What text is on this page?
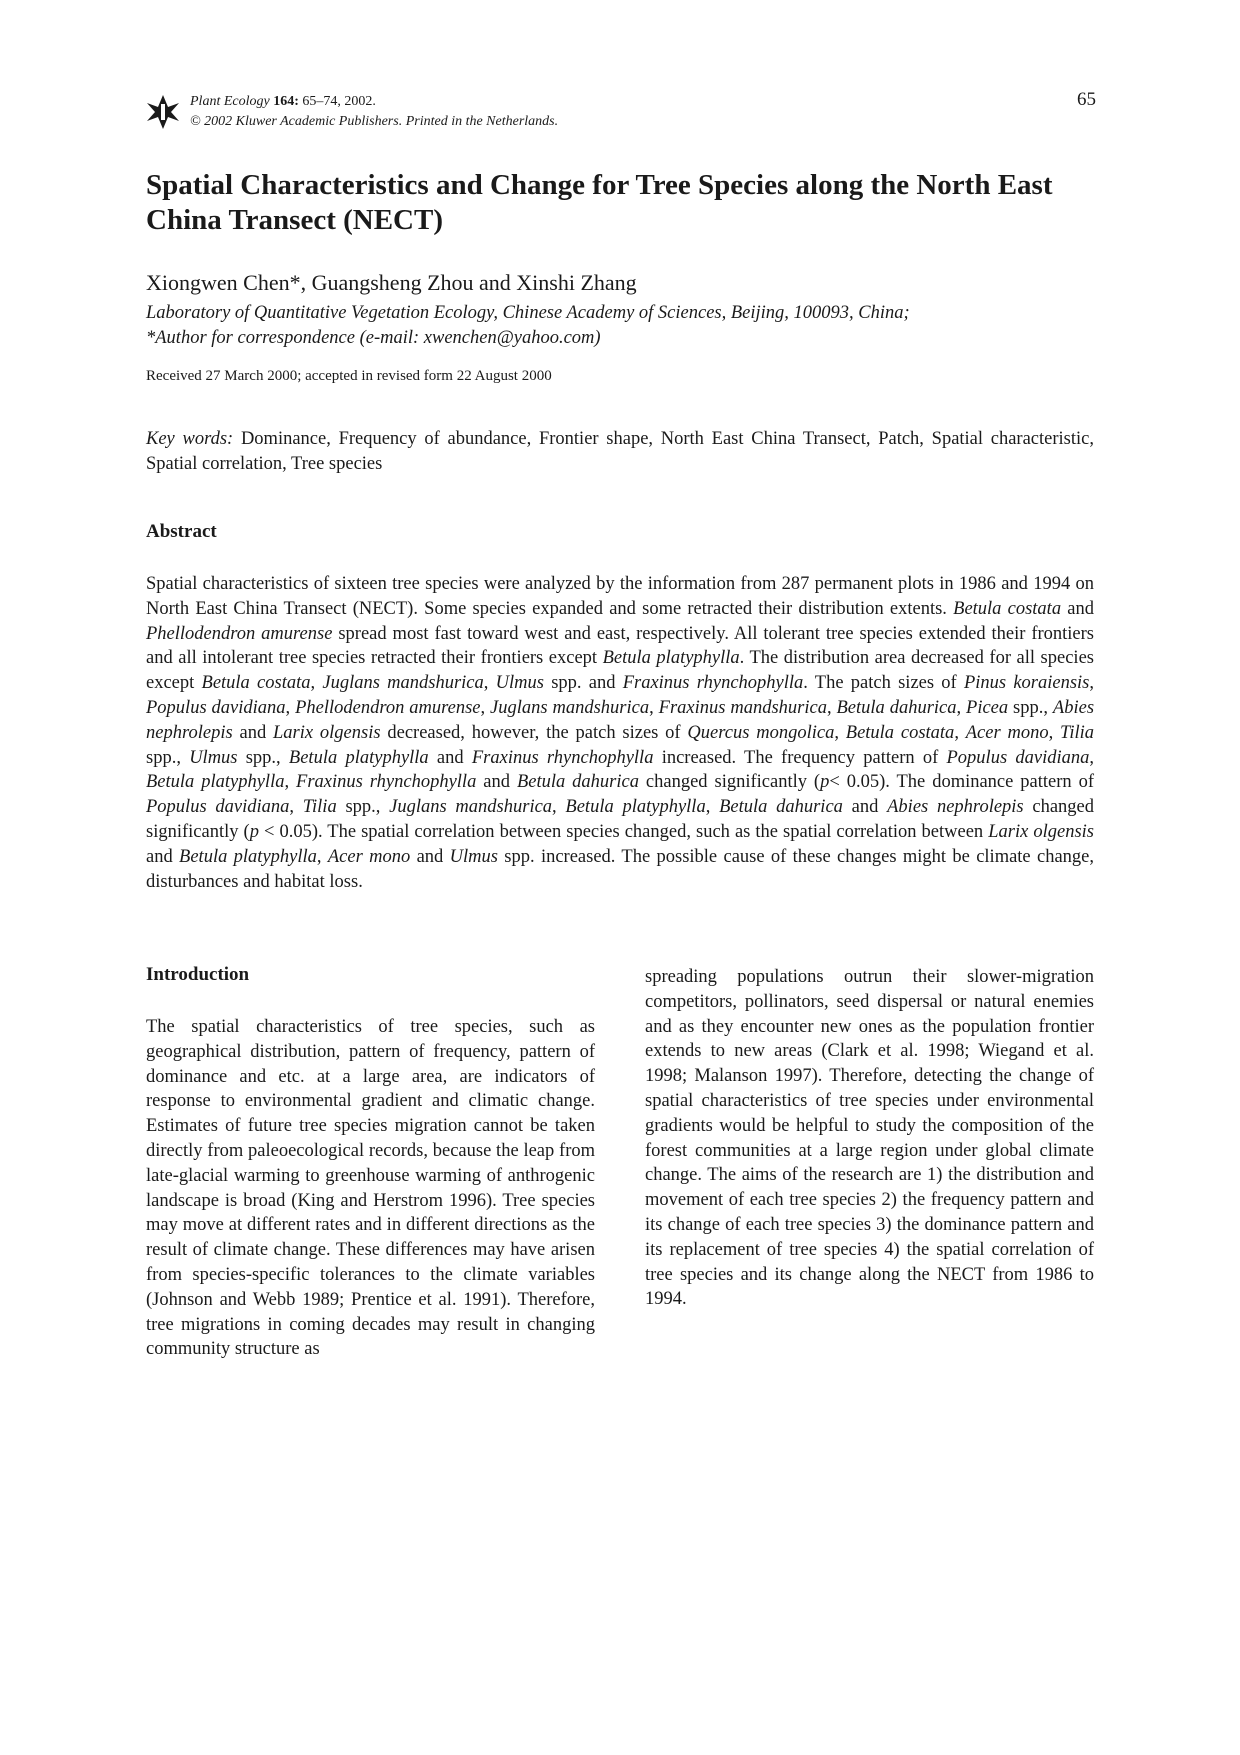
Plant Ecology 164: 65–74, 2002.
© 2002 Kluwer Academic Publishers. Printed in the Netherlands.
65
Spatial Characteristics and Change for Tree Species along the North East China Transect (NECT)
Xiongwen Chen*, Guangsheng Zhou and Xinshi Zhang
Laboratory of Quantitative Vegetation Ecology, Chinese Academy of Sciences, Beijing, 100093, China;
*Author for correspondence (e-mail: xwenchen@yahoo.com)
Received 27 March 2000; accepted in revised form 22 August 2000
Key words: Dominance, Frequency of abundance, Frontier shape, North East China Transect, Patch, Spatial characteristic, Spatial correlation, Tree species
Abstract

Spatial characteristics of sixteen tree species were analyzed by the information from 287 permanent plots in 1986 and 1994 on North East China Transect (NECT). Some species expanded and some retracted their distribution extents. Betula costata and Phellodendron amurense spread most fast toward west and east, respectively. All tolerant tree species extended their frontiers and all intolerant tree species retracted their frontiers except Betula platyphylla. The distribution area decreased for all species except Betula costata, Juglans mandshurica, Ulmus spp. and Fraxinus rhynchophylla. The patch sizes of Pinus koraiensis, Populus davidiana, Phellodendron amurense, Juglans mandshurica, Fraxinus mandshurica, Betula dahurica, Picea spp., Abies nephrolepis and Larix olgensis decreased, however, the patch sizes of Quercus mongolica, Betula costata, Acer mono, Tilia spp., Ulmus spp., Betula platyphylla and Fraxinus rhynchophylla increased. The frequency pattern of Populus davidiana, Betula platyphylla, Fraxinus rhynchophylla and Betula dahurica changed significantly (p< 0.05). The dominance pattern of Populus davidiana, Tilia spp., Juglans mandshurica, Betula platyphylla, Betula dahurica and Abies nephrolepis changed significantly (p < 0.05). The spatial correlation between species changed, such as the spatial correlation between Larix olgensis and Betula platyphylla, Acer mono and Ulmus spp. increased. The possible cause of these changes might be climate change, disturbances and habitat loss.

Introduction

The spatial characteristics of tree species, such as geographical distribution, pattern of frequency, pattern of dominance and etc. at a large area, are indicators of response to environmental gradient and climatic change. Estimates of future tree species migration cannot be taken directly from paleoecological records, because the leap from late-glacial warming to greenhouse warming of anthrogenic landscape is broad (King and Herstrom 1996). Tree species may move at different rates and in different directions as the result of climate change. These differences may have arisen from species-specific tolerances to the climate variables (Johnson and Webb 1989; Prentice et al. 1991). Therefore, tree migrations in coming decades may result in changing community structure as

spreading populations outrun their slower-migration competitors, pollinators, seed dispersal or natural enemies and as they encounter new ones as the population frontier extends to new areas (Clark et al. 1998; Wiegand et al. 1998; Malanson 1997). Therefore, detecting the change of spatial characteristics of tree species under environmental gradients would be helpful to study the composition of the forest communities at a large region under global climate change. The aims of the research are 1) the distribution and movement of each tree species 2) the frequency pattern and its change of each tree species 3) the dominance pattern and its replacement of tree species 4) the spatial correlation of tree species and its change along the NECT from 1986 to 1994.
